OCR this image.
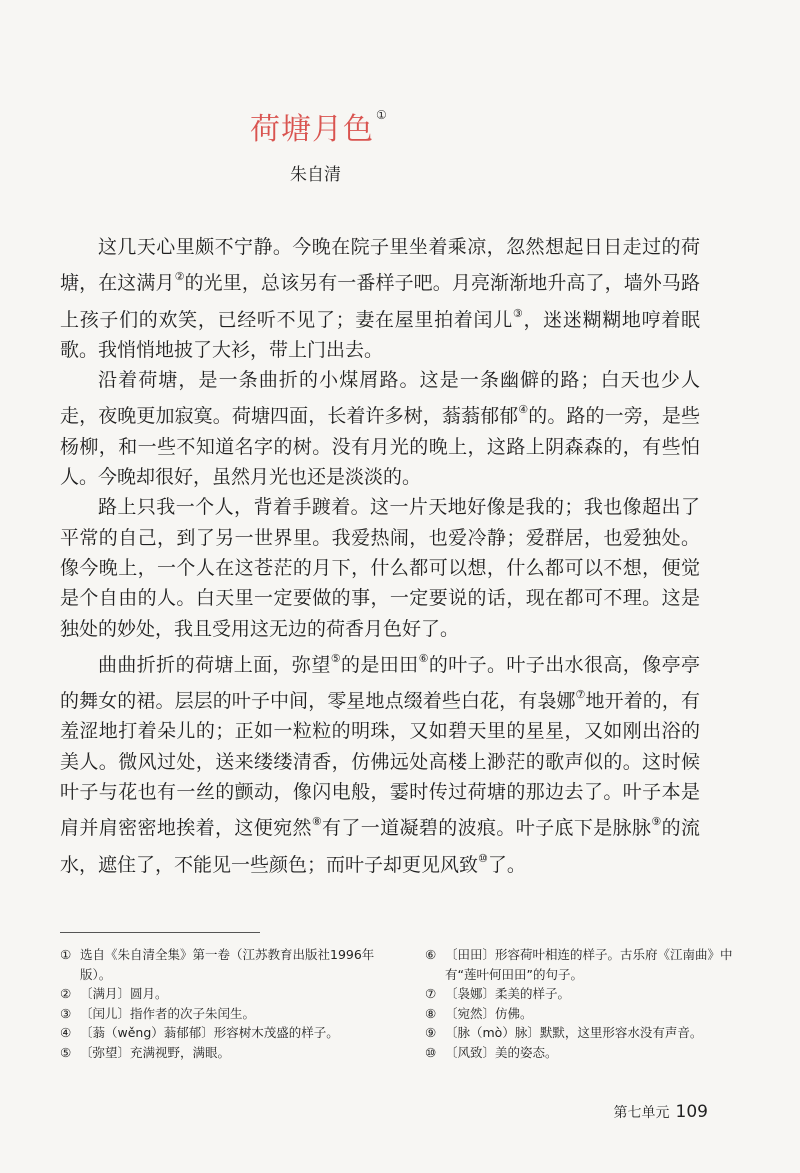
荷塘月色 ①
朱自清

这几天心里颇不宁静。今晚在院子里坐着乘凉，忽然想起日日走过的荷塘，在这满月②的光里，总该另有一番样子吧。月亮渐渐地升高了，墙外马路上孩子们的欢笑，已经听不见了；妻在屋里拍着闰儿③，迷迷糊糊地哼着眠歌。我悄悄地披了大衫，带上门出去。

沿着荷塘，是一条曲折的小煤屑路。这是一条幽僻的路；白天也少人走，夜晚更加寂寞。荷塘四面，长着许多树，蓊蓊郁郁④的。路的一旁，是些杨柳，和一些不知道名字的树。没有月光的晚上，这路上阴森森的，有些怕人。今晚却很好，虽然月光也还是淡淡的。

路上只我一个人，背着手踱着。这一片天地好像是我的；我也像超出了平常的自己，到了另一世界里。我爱热闹，也爱冷静；爱群居，也爱独处。像今晚上，一个人在这苍茫的月下，什么都可以想，什么都可以不想，便觉是个自由的人。白天里一定要做的事，一定要说的话，现在都可不理。这是独处的妙处，我且受用这无边的荷香月色好了。

曲曲折折的荷塘上面，弥望⑤的是田田⑥的叶子。叶子出水很高，像亭亭的舞女的裙。层层的叶子中间，零星地点缀着些白花，有袅娜⑦地开着的，有羞涩地打着朵儿的；正如一粒粒的明珠，又如碧天里的星星，又如刚出浴的美人。微风过处，送来缕缕清香，仿佛远处高楼上渺茫的歌声似的。这时候叶子与花也有一丝的颤动，像闪电般，霎时传过荷塘的那边去了。叶子本是肩并肩密密地挨着，这便宛然⑧有了一道凝碧的波痕。叶子底下是脉脉⑨的流水，遮住了，不能见一些颜色；而叶子却更见风致⑩了。

① 选自《朱自清全集》第一卷（江苏教育出版社1996年版）。
② 〔满月〕圆月。
③ 〔闰儿〕指作者的次子朱闰生。
④ 〔蓊（wěng）蓊郁郁〕形容树木茂盛的样子。
⑤ 〔弥望〕充满视野，满眼。
⑥ 〔田田〕形容荷叶相连的样子。古乐府《江南曲》中有“莲叶何田田”的句子。
⑦ 〔袅娜〕柔美的样子。
⑧ 〔宛然〕仿佛。
⑨ 〔脉（mò）脉〕默默，这里形容水没有声音。
⑩ 〔风致〕美的姿态。
第七单元 109
